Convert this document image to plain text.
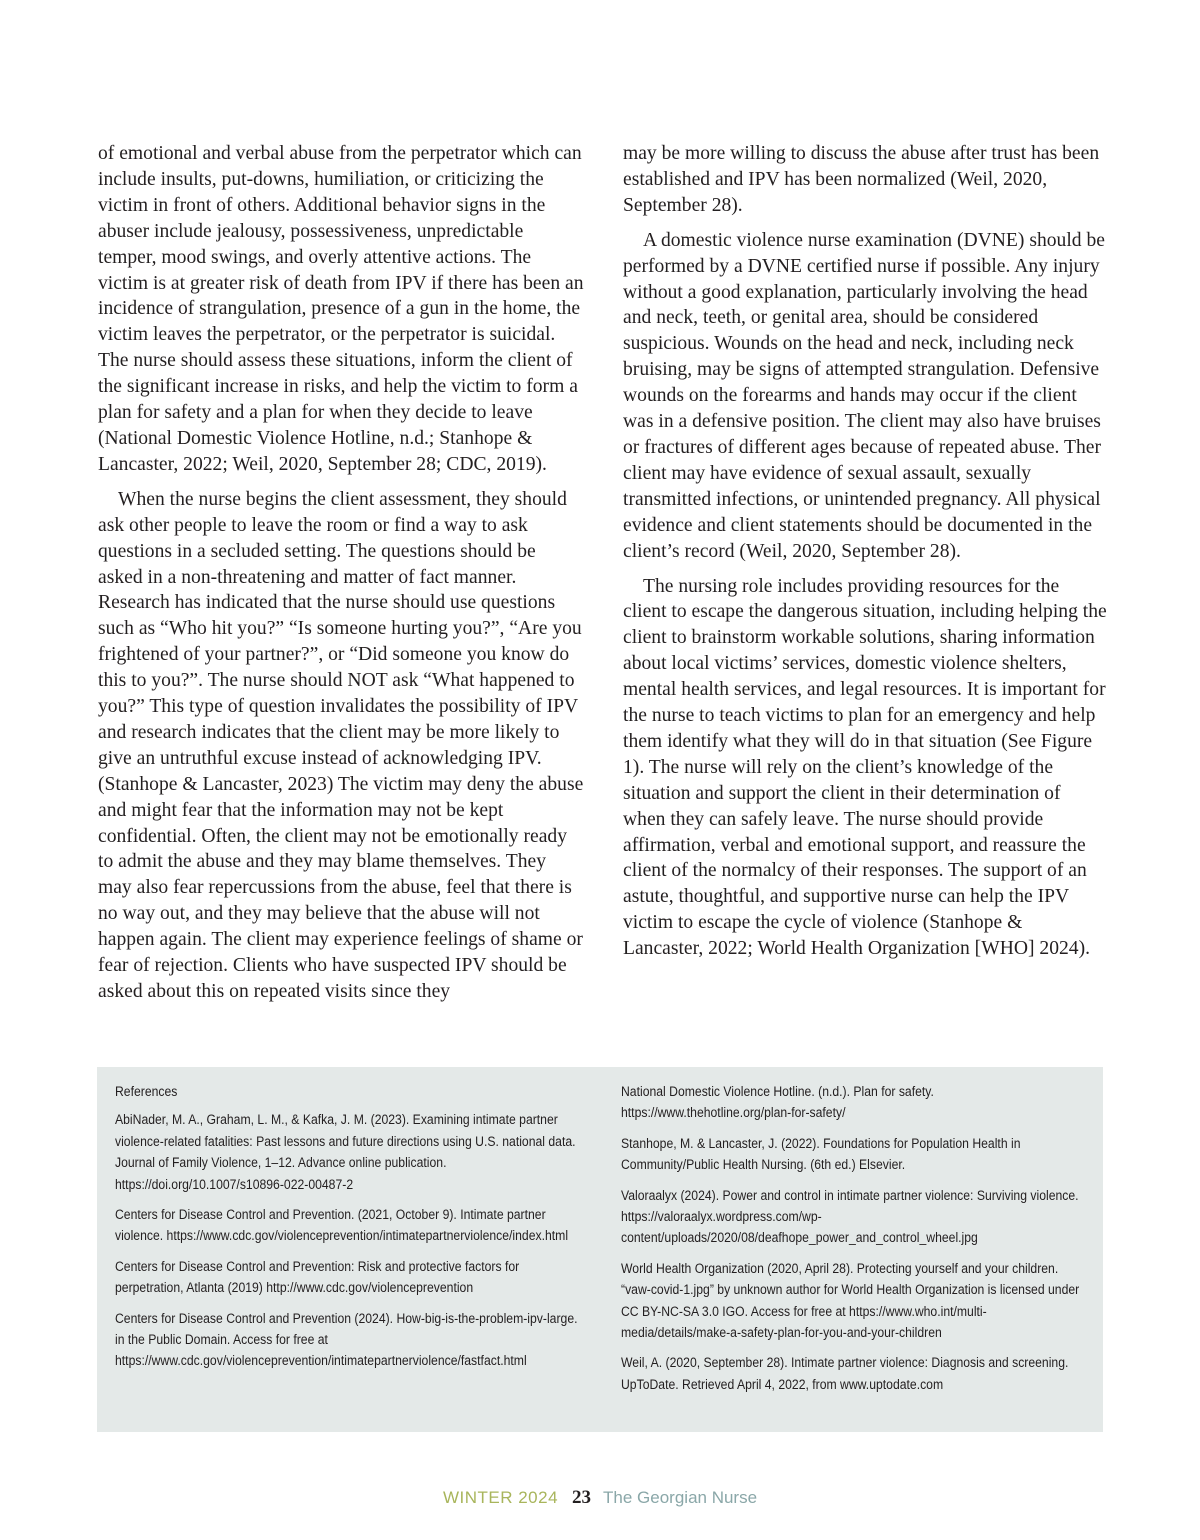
of emotional and verbal abuse from the perpetrator which can include insults, put-downs, humiliation, or criticizing the victim in front of others. Additional behavior signs in the abuser include jealousy, possessiveness, unpredictable temper, mood swings, and overly attentive actions. The victim is at greater risk of death from IPV if there has been an incidence of strangulation, presence of a gun in the home, the victim leaves the perpetrator, or the perpetrator is suicidal. The nurse should assess these situations, inform the client of the significant increase in risks, and help the victim to form a plan for safety and a plan for when they decide to leave (National Domestic Violence Hotline, n.d.; Stanhope & Lancaster, 2022; Weil, 2020, September 28; CDC, 2019).

When the nurse begins the client assessment, they should ask other people to leave the room or find a way to ask questions in a secluded setting. The questions should be asked in a non-threatening and matter of fact manner. Research has indicated that the nurse should use questions such as “Who hit you?” “Is someone hurting you?”, “Are you frightened of your partner?”, or “Did someone you know do this to you?”. The nurse should NOT ask “What happened to you?” This type of question invalidates the possibility of IPV and research indicates that the client may be more likely to give an untruthful excuse instead of acknowledging IPV. (Stanhope & Lancaster, 2023) The victim may deny the abuse and might fear that the information may not be kept confidential. Often, the client may not be emotionally ready to admit the abuse and they may blame themselves. They may also fear repercussions from the abuse, feel that there is no way out, and they may believe that the abuse will not happen again. The client may experience feelings of shame or fear of rejection. Clients who have suspected IPV should be asked about this on repeated visits since they

may be more willing to discuss the abuse after trust has been established and IPV has been normalized (Weil, 2020, September 28).

A domestic violence nurse examination (DVNE) should be performed by a DVNE certified nurse if possible. Any injury without a good explanation, particularly involving the head and neck, teeth, or genital area, should be considered suspicious. Wounds on the head and neck, including neck bruising, may be signs of attempted strangulation. Defensive wounds on the forearms and hands may occur if the client was in a defensive position. The client may also have bruises or fractures of different ages because of repeated abuse. Ther client may have evidence of sexual assault, sexually transmitted infections, or unintended pregnancy. All physical evidence and client statements should be documented in the client’s record (Weil, 2020, September 28).

The nursing role includes providing resources for the client to escape the dangerous situation, including helping the client to brainstorm workable solutions, sharing information about local victims’ services, domestic violence shelters, mental health services, and legal resources. It is important for the nurse to teach victims to plan for an emergency and help them identify what they will do in that situation (See Figure 1). The nurse will rely on the client’s knowledge of the situation and support the client in their determination of when they can safely leave. The nurse should provide affirmation, verbal and emotional support, and reassure the client of the normalcy of their responses. The support of an astute, thoughtful, and supportive nurse can help the IPV victim to escape the cycle of violence (Stanhope & Lancaster, 2022; World Health Organization [WHO] 2024).

References
AbiNader, M. A., Graham, L. M., & Kafka, J. M. (2023). Examining intimate partner violence-related fatalities: Past lessons and future directions using U.S. national data. Journal of Family Violence, 1–12. Advance online publication. https://doi.org/10.1007/s10896-022-00487-2
Centers for Disease Control and Prevention. (2021, October 9). Intimate partner violence. https://www.cdc.gov/violenceprevention/intimatepartnerviolence/index.html
Centers for Disease Control and Prevention: Risk and protective factors for perpetration, Atlanta (2019) http://www.cdc.gov/violenceprevention
Centers for Disease Control and Prevention (2024). How-big-is-the-problem-ipv-large. in the Public Domain. Access for free at https://www.cdc.gov/violenceprevention/intimatepartnerviolence/fastfact.html
National Domestic Violence Hotline. (n.d.). Plan for safety. https://www.thehotline.org/plan-for-safety/
Stanhope, M. & Lancaster, J. (2022). Foundations for Population Health in Community/Public Health Nursing. (6th ed.) Elsevier.
Valoraalyx (2024). Power and control in intimate partner violence: Surviving violence. https://valoraalyx.wordpress.com/wp-content/uploads/2020/08/deafhope_power_and_control_wheel.jpg
World Health Organization (2020, April 28). Protecting yourself and your children. “vaw-covid-1.jpg” by unknown author for World Health Organization is licensed under CC BY-NC-SA 3.0 IGO. Access for free at https://www.who.int/multi-media/details/make-a-safety-plan-for-you-and-your-children
Weil, A. (2020, September 28). Intimate partner violence: Diagnosis and screening. UpToDate. Retrieved April 4, 2022, from www.uptodate.com
WINTER 2024 23 The Georgian Nurse
